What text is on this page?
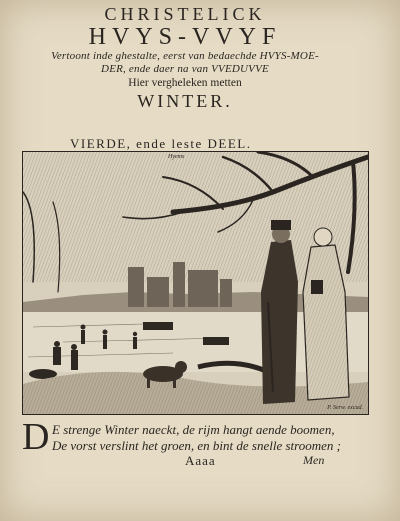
CHRISTELICK
HVYS-VVYF
Vertoont inde ghestalte, eerst van bedaechde HVYS-MOE-
DER, ende daer na van VVEDUVVE
Hier vergheleken metten
WINTER.
VIERDE, ende leste DEEL.
Hyems
P. Serw. excud.
D E strenge Winter naeckt, de rijm hangt aende boomen,
De vorst verslint het groen, en bint de snelle stroomen ;
Aaaa	Men
